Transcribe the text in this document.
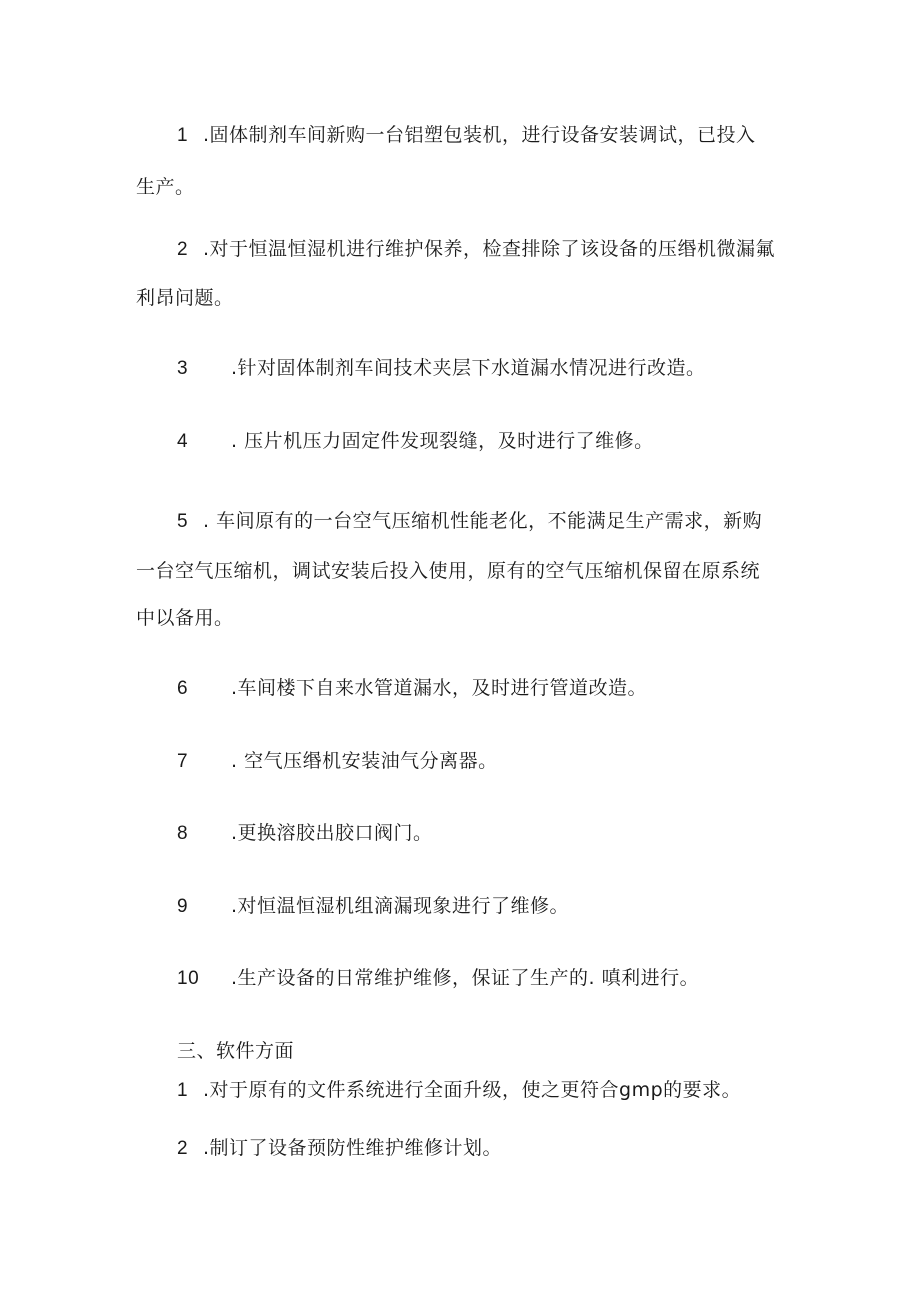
1 .固体制剂车间新购一台铝塑包装机，进行设备安装调试，已投入
生产。
2 .对于恒温恒湿机进行维护保养，检查排除了该设备的压缗机微漏氟
利昂问题。
3 .针对固体制剂车间技术夹层下水道漏水情况进行改造。
4 . 压片机压力固定件发现裂缝，及时进行了维修。
5 . 车间原有的一台空气压缩机性能老化，不能满足生产需求，新购
一台空气压缩机，调试安装后投入使用，原有的空气压缩机保留在原系统
中以备用。
6 .车间楼下自来水管道漏水，及时进行管道改造。
7 . 空气压缗机安装油气分离器。
8 .更换溶胶出胶口阀门。
9 .对恒温恒湿机组滴漏现象进行了维修。
10 .生产设备的日常维护维修，保证了生产的. 嗔利进行。
三、软件方面
1 .对于原有的文件系统进行全面升级，使之更符合gmp的要求。
2 .制订了设备预防性维护维修计划。
